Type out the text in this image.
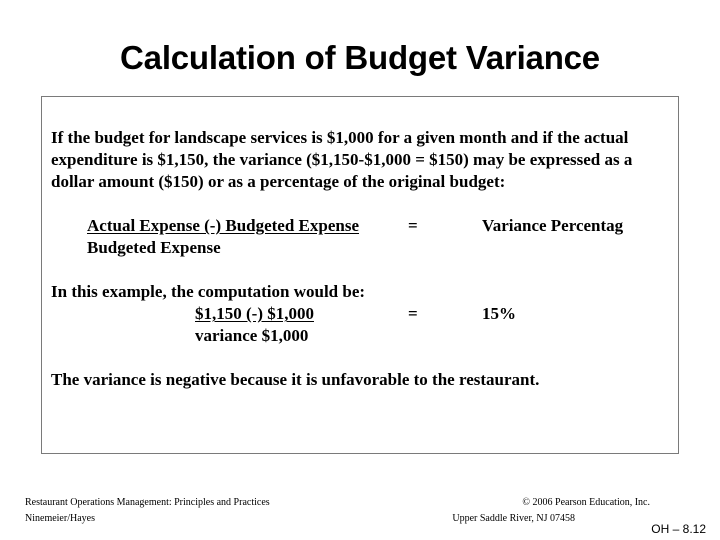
Calculation of Budget Variance
If the budget for landscape services is $1,000 for a given month and if the actual
expenditure is $1,150, the variance ($1,150-$1,000 = $150) may be expressed as a
dollar amount ($150) or as a percentage of the original budget:
Actual Expense (-) Budgeted Expense	=	Variance Percentag
Budgeted Expense
In this example, the computation would be:
$1,150 (-) $1,000	=	15%
variance $1,000
The variance is negative because it is unfavorable to the restaurant.
Restaurant Operations Management: Principles and Practices
Ninemeier/Hayes
© 2006 Pearson Education, Inc.
Upper Saddle River, NJ 07458
OH – 8.12
